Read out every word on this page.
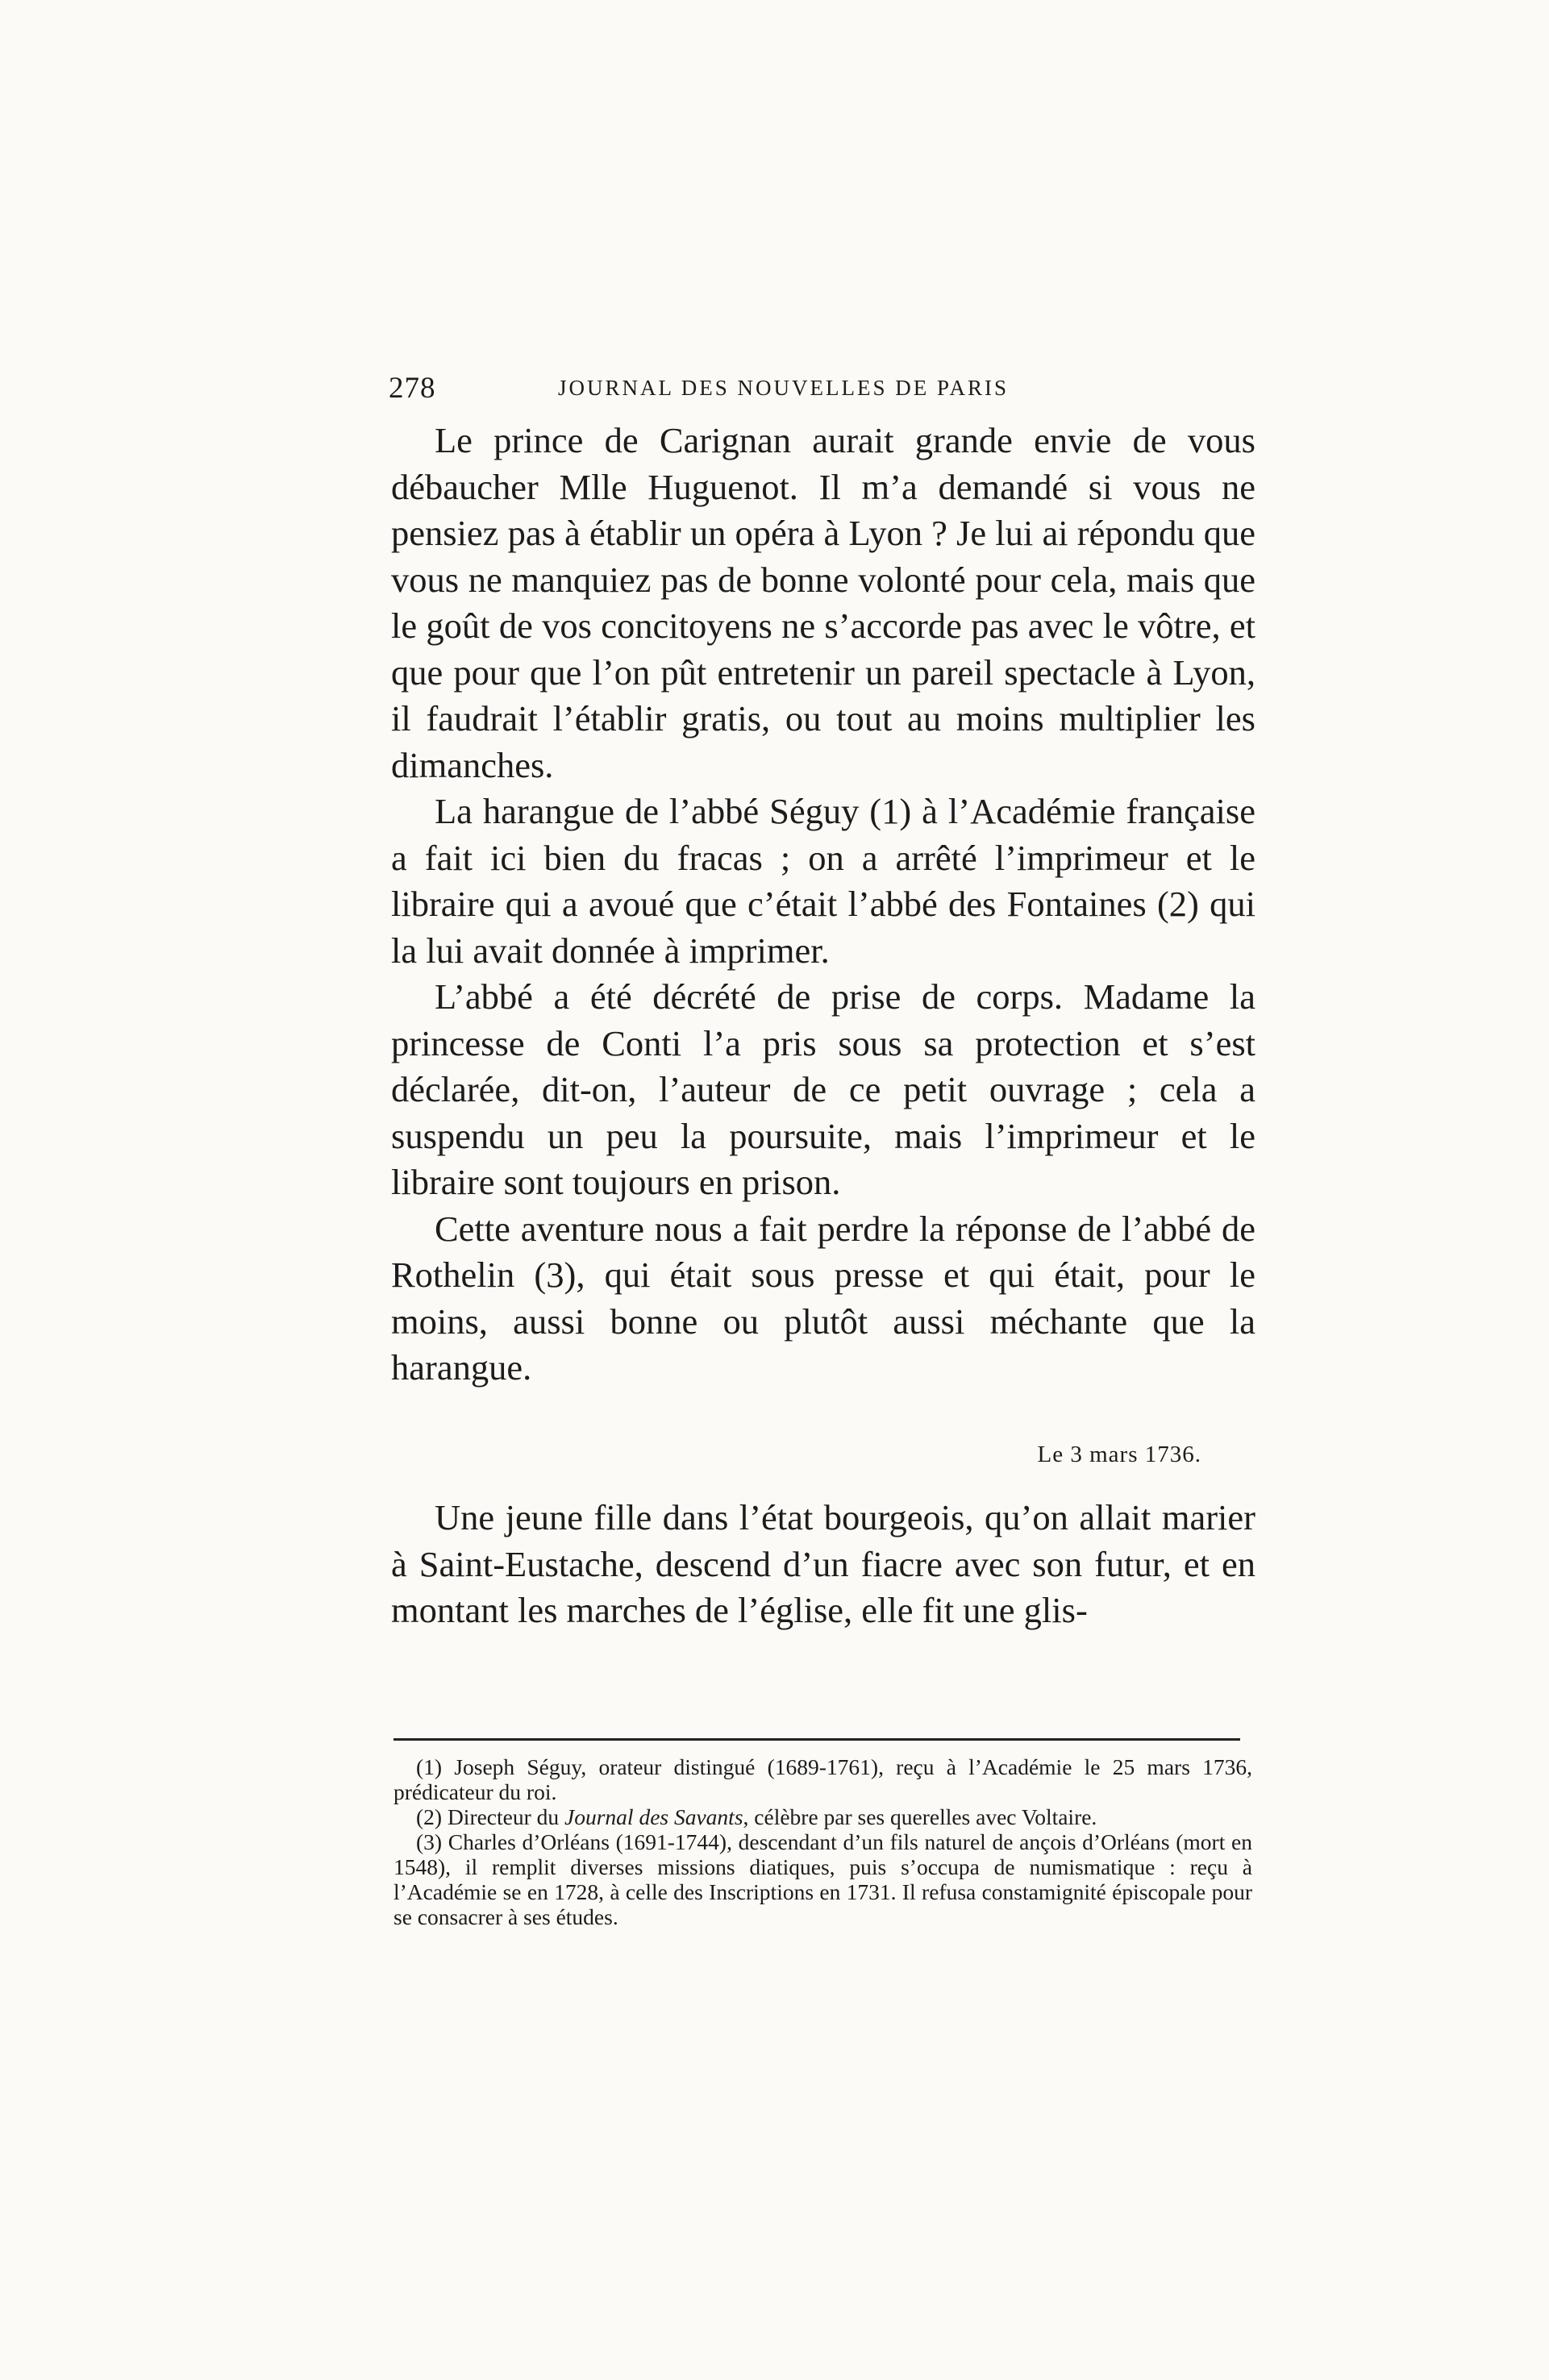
278	JOURNAL DES NOUVELLES DE PARIS

Le prince de Carignan aurait grande envie de vous débaucher Mlle Huguenot. Il m’a demandé si vous ne pensiez pas à établir un opéra à Lyon ? Je lui ai répondu que vous ne manquiez pas de bonne volonté pour cela, mais que le goût de vos concitoyens ne s’accorde pas avec le vôtre, et que pour que l’on pût entretenir un pareil spectacle à Lyon, il faudrait l’établir gratis, ou tout au moins multiplier les dimanches.

La harangue de l’abbé Séguy (1) à l’Académie française a fait ici bien du fracas ; on a arrêté l’imprimeur et le libraire qui a avoué que c’était l’abbé des Fontaines (2) qui la lui avait donnée à imprimer.

L’abbé a été décrété de prise de corps. Madame la princesse de Conti l’a pris sous sa protection et s’est déclarée, dit-on, l’auteur de ce petit ouvrage ; cela a suspendu un peu la poursuite, mais l’imprimeur et le libraire sont toujours en prison.

Cette aventure nous a fait perdre la réponse de l’abbé de Rothelin (3), qui était sous presse et qui était, pour le moins, aussi bonne ou plutôt aussi méchante que la harangue.

Le 3 mars 1736.

Une jeune fille dans l’état bourgeois, qu’on allait marier à Saint-Eustache, descend d’un fiacre avec son futur, et en montant les marches de l’église, elle fit une glis-

(1) Joseph Séguy, orateur distingué (1689-1761), reçu à l’Académie le 25 mars 1736, prédicateur du roi.

(2) Directeur du Journal des Savants, célèbre par ses querelles avec Voltaire.

(3) Charles d’Orléans (1691-1744), descendant d’un fils naturel de ançois d’Orléans (mort en 1548), il remplit diverses missions diatiques, puis s’occupa de numismatique : reçu à l’Académie se en 1728, à celle des Inscriptions en 1731. Il refusa constamignité épiscopale pour se consacrer à ses études.
